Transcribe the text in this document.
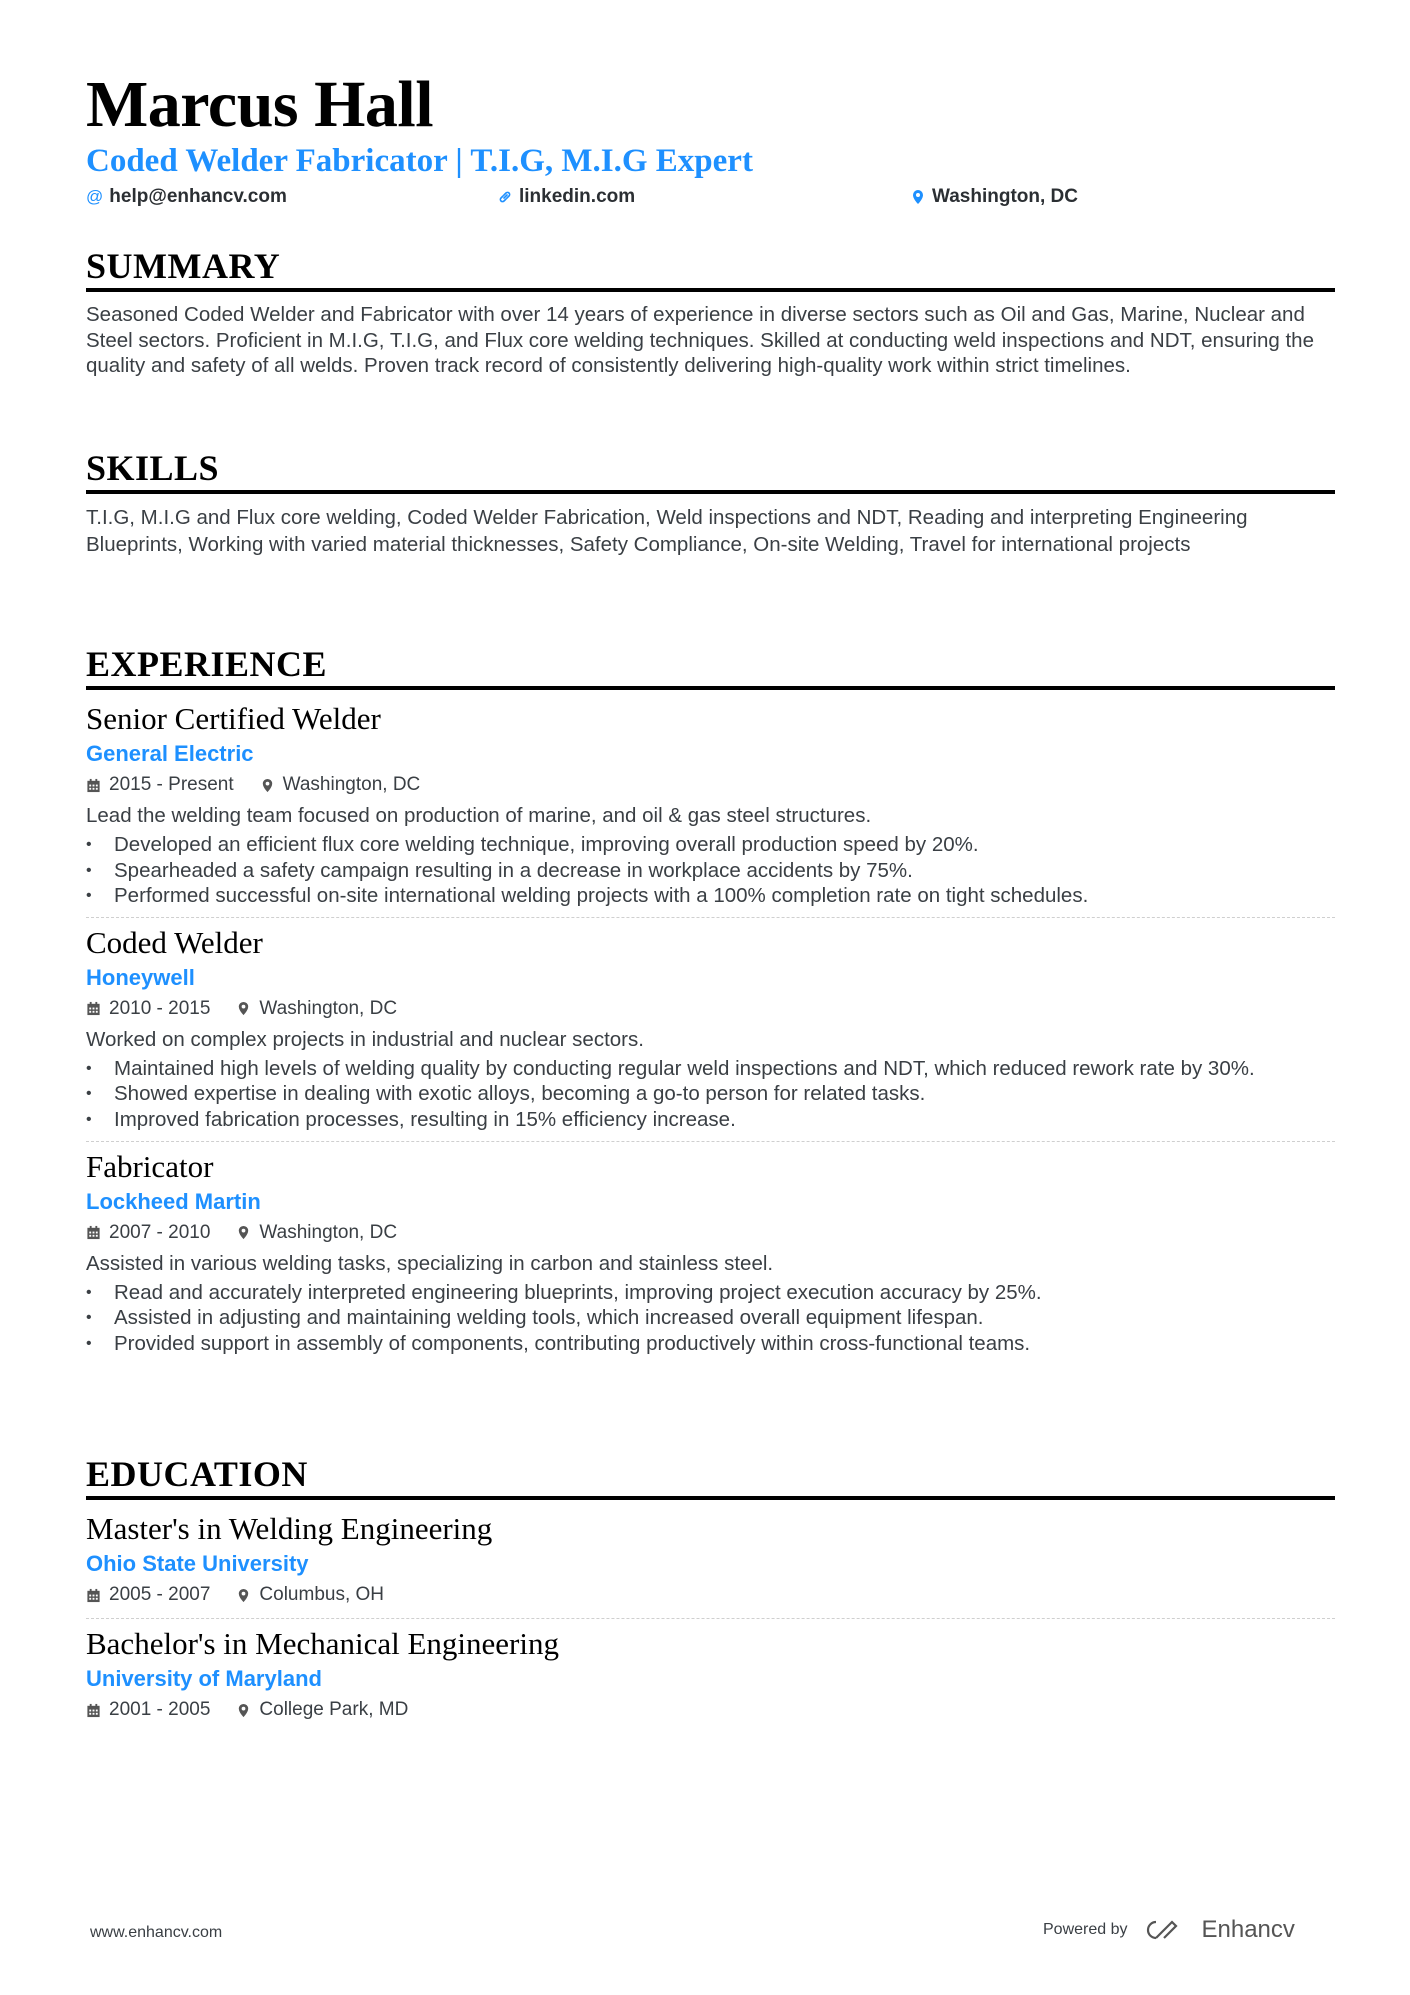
Marcus Hall
Coded Welder Fabricator | T.I.G, M.I.G Expert
@ help@enhancv.com	linkedin.com	Washington, DC
SUMMARY
Seasoned Coded Welder and Fabricator with over 14 years of experience in diverse sectors such as Oil and Gas, Marine, Nuclear and Steel sectors. Proficient in M.I.G, T.I.G, and Flux core welding techniques. Skilled at conducting weld inspections and NDT, ensuring the quality and safety of all welds. Proven track record of consistently delivering high-quality work within strict timelines.
SKILLS
T.I.G, M.I.G and Flux core welding, Coded Welder Fabrication, Weld inspections and NDT, Reading and interpreting Engineering Blueprints, Working with varied material thicknesses, Safety Compliance, On-site Welding, Travel for international projects
EXPERIENCE
Senior Certified Welder
General Electric
2015 - Present	Washington, DC
Lead the welding team focused on production of marine, and oil & gas steel structures.
• Developed an efficient flux core welding technique, improving overall production speed by 20%.
• Spearheaded a safety campaign resulting in a decrease in workplace accidents by 75%.
• Performed successful on-site international welding projects with a 100% completion rate on tight schedules.
Coded Welder
Honeywell
2010 - 2015	Washington, DC
Worked on complex projects in industrial and nuclear sectors.
• Maintained high levels of welding quality by conducting regular weld inspections and NDT, which reduced rework rate by 30%.
• Showed expertise in dealing with exotic alloys, becoming a go-to person for related tasks.
• Improved fabrication processes, resulting in 15% efficiency increase.
Fabricator
Lockheed Martin
2007 - 2010	Washington, DC
Assisted in various welding tasks, specializing in carbon and stainless steel.
• Read and accurately interpreted engineering blueprints, improving project execution accuracy by 25%.
• Assisted in adjusting and maintaining welding tools, which increased overall equipment lifespan.
• Provided support in assembly of components, contributing productively within cross-functional teams.
EDUCATION
Master's in Welding Engineering
Ohio State University
2005 - 2007	Columbus, OH
Bachelor's in Mechanical Engineering
University of Maryland
2001 - 2005	College Park, MD
www.enhancv.com	Powered by	Enhancv
